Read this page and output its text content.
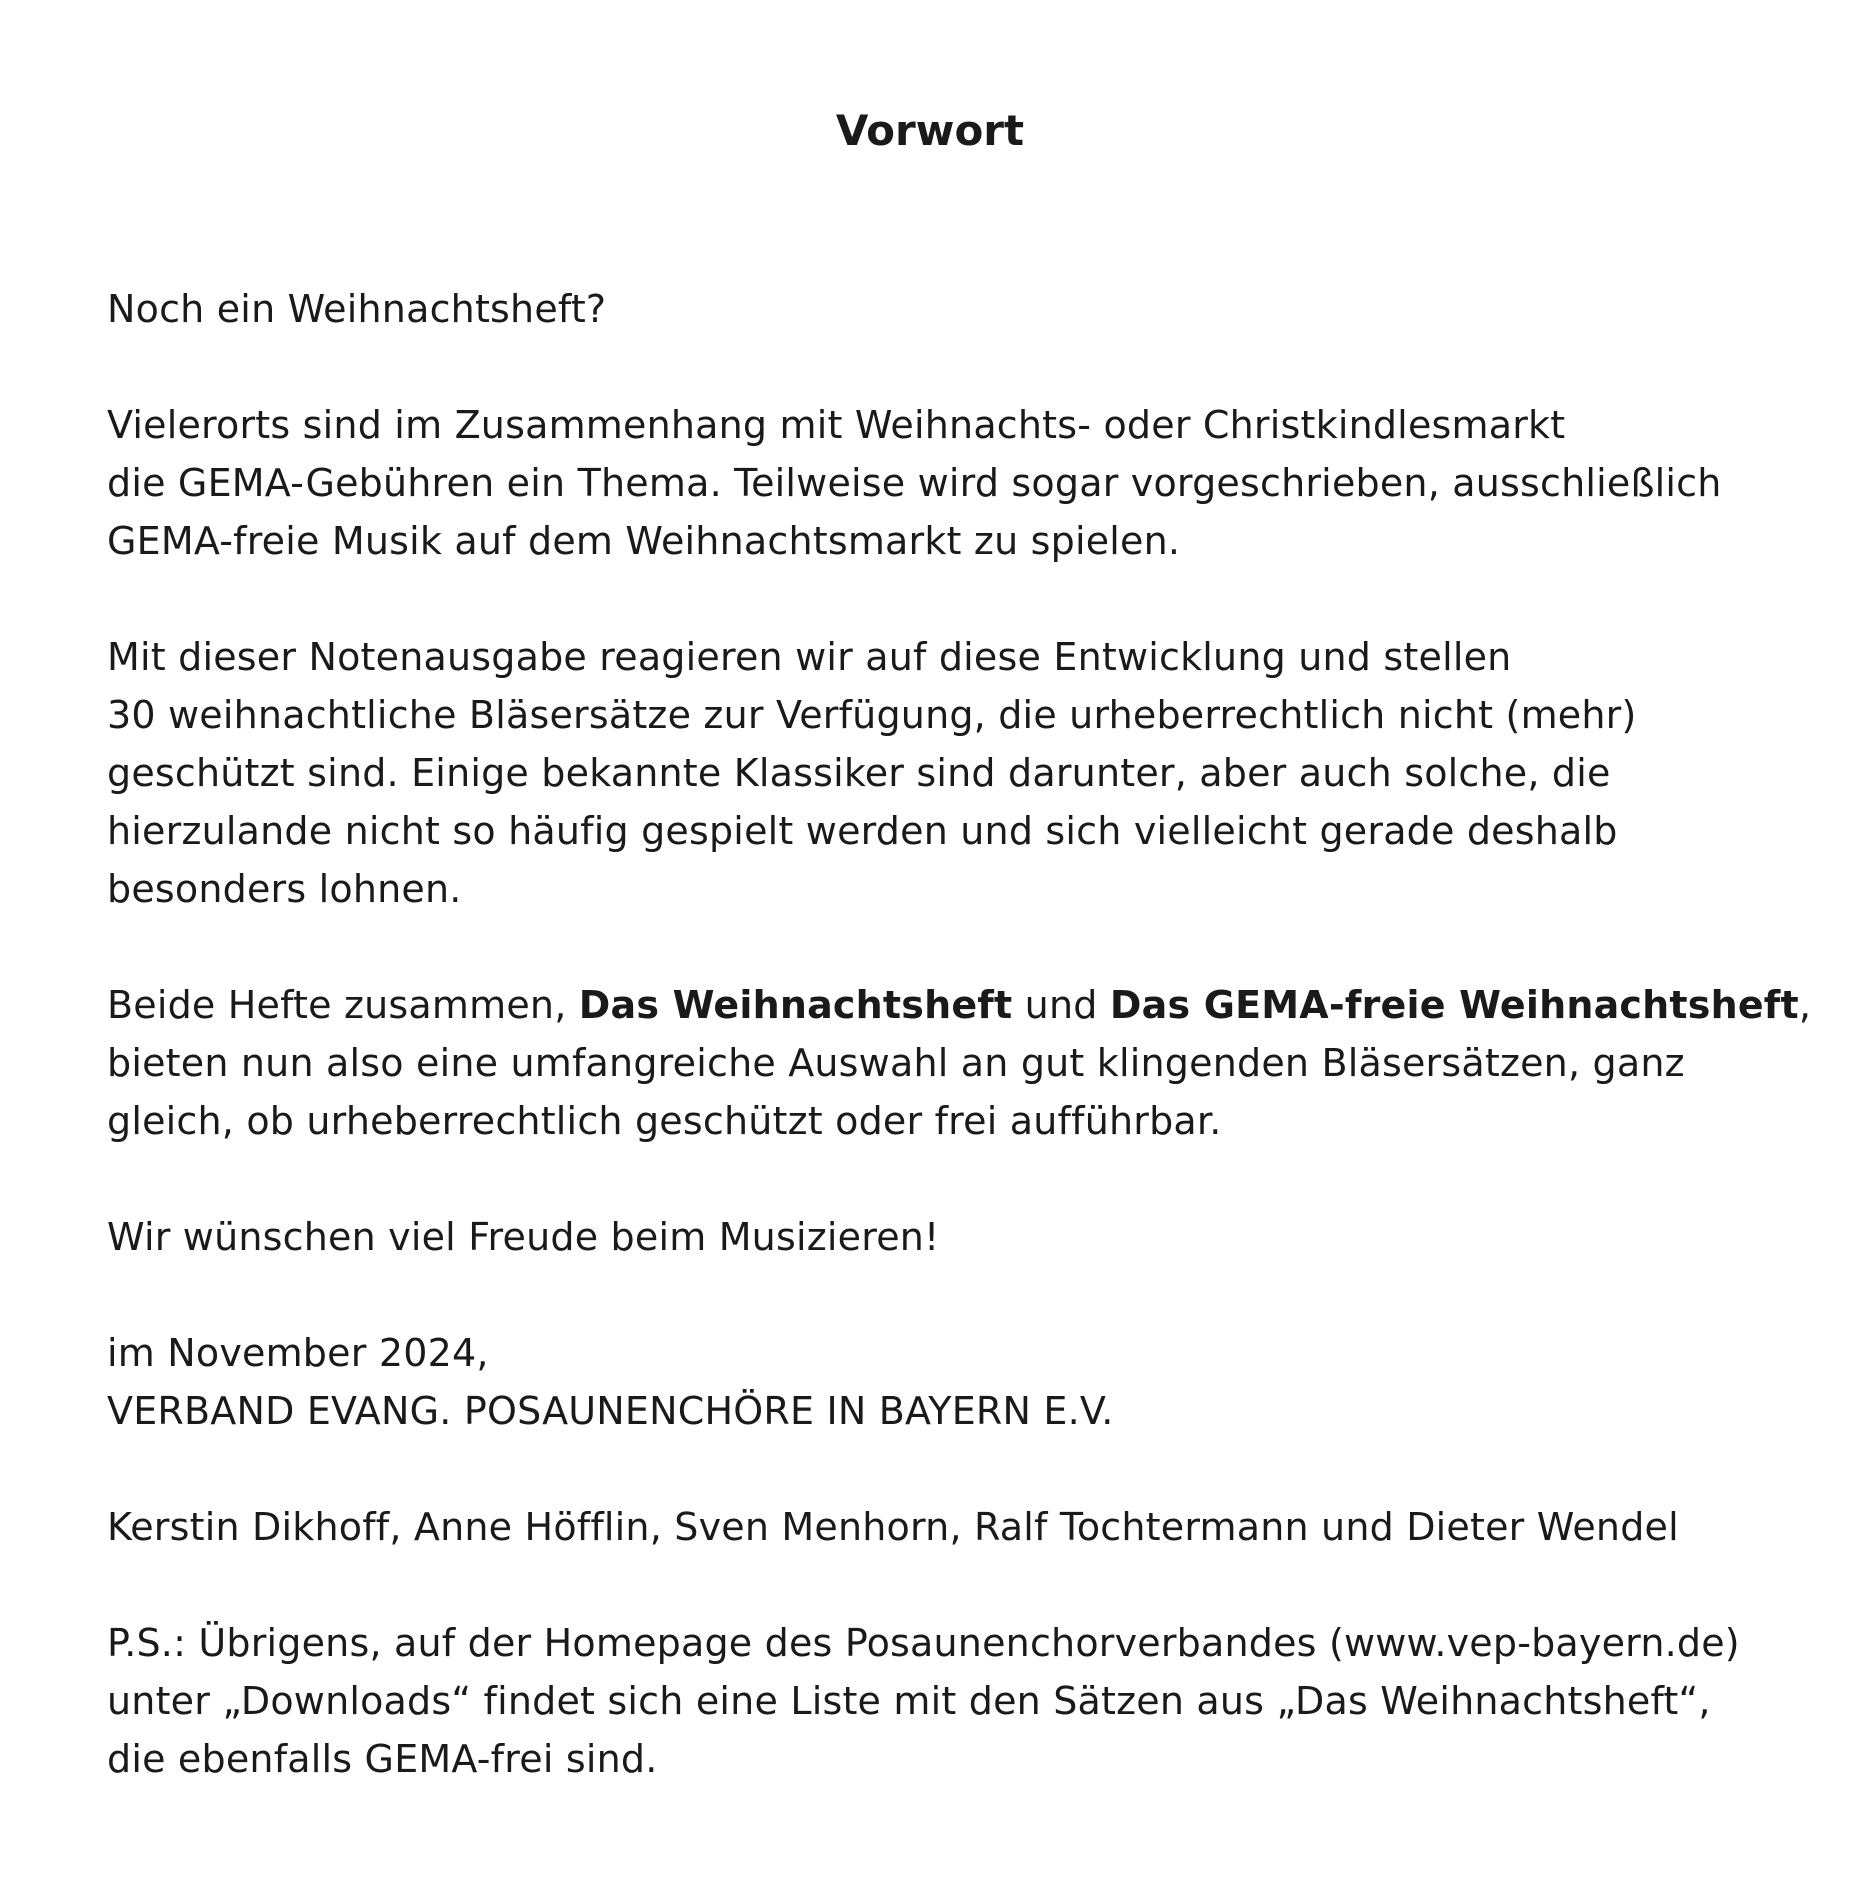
Vorwort
Noch ein Weihnachtsheft?
Vielerorts sind im Zusammenhang mit Weihnachts- oder Christkindlesmarkt
die GEMA-Gebühren ein Thema. Teilweise wird sogar vorgeschrieben, ausschließlich
GEMA-freie Musik auf dem Weihnachtsmarkt zu spielen.
Mit dieser Notenausgabe reagieren wir auf diese Entwicklung und stellen
30 weihnachtliche Bläsersätze zur Verfügung, die urheberrechtlich nicht (mehr)
geschützt sind. Einige bekannte Klassiker sind darunter, aber auch solche, die
hierzulande nicht so häufig gespielt werden und sich vielleicht gerade deshalb
besonders lohnen.
Beide Hefte zusammen, Das Weihnachtsheft und Das GEMA-freie Weihnachtsheft,
bieten nun also eine umfangreiche Auswahl an gut klingenden Bläsersätzen, ganz
gleich, ob urheberrechtlich geschützt oder frei aufführbar.
Wir wünschen viel Freude beim Musizieren!
im November 2024,
VERBAND EVANG. POSAUNENCHÖRE IN BAYERN E.V.
Kerstin Dikhoff, Anne Höfflin, Sven Menhorn, Ralf Tochtermann und Dieter Wendel
P.S.: Übrigens, auf der Homepage des Posaunenchorverbandes (www.vep-bayern.de)
unter „Downloads“ findet sich eine Liste mit den Sätzen aus „Das Weihnachtsheft“,
die ebenfalls GEMA-frei sind.
